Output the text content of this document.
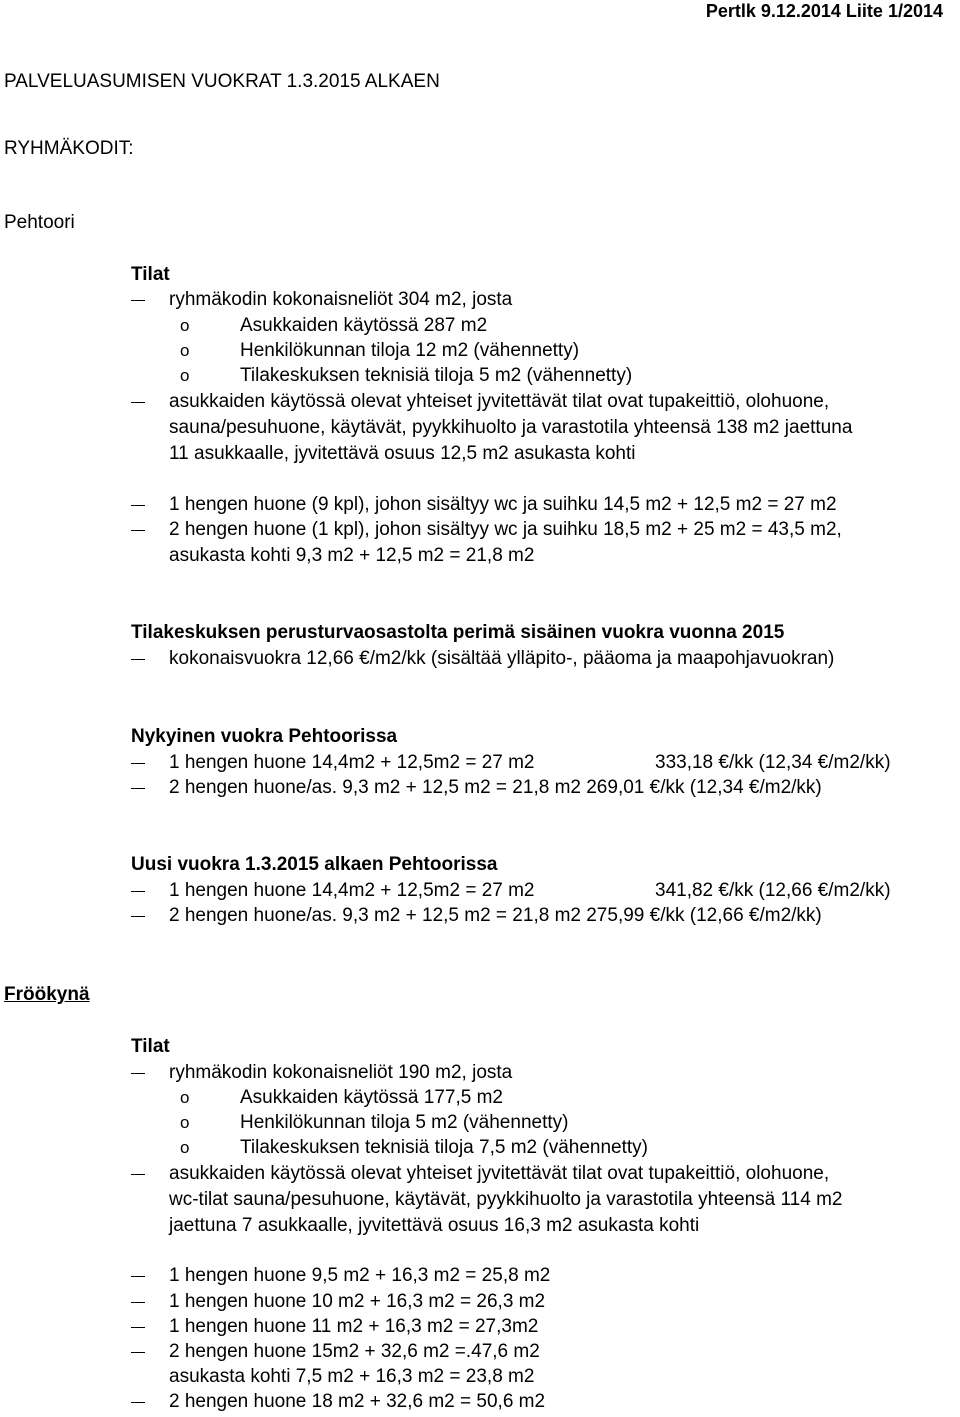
Pertlk 9.12.2014 Liite 1/2014
PALVELUASUMISEN VUOKRAT 1.3.2015 ALKAEN
RYHMÄKODIT:
Pehtoori
Tilat
ryhmäkodin kokonaisneliöt 304 m2, josta
o	Asukkaiden käytössä 287 m2
o	Henkilökunnan tiloja 12 m2 (vähennetty)
o	Tilakeskuksen teknisiä tiloja 5 m2 (vähennetty)
asukkaiden käytössä olevat yhteiset jyvitettävät tilat ovat tupakeittiö, olohuone,
sauna/pesuhuone, käytävät, pyykkihuolto ja varastotila yhteensä 138 m2 jaettuna
11 asukkaalle, jyvitettävä osuus 12,5 m2 asukasta kohti
1 hengen huone (9 kpl), johon sisältyy wc ja suihku 14,5 m2 + 12,5 m2 = 27 m2
2 hengen huone (1 kpl), johon sisältyy wc ja suihku 18,5 m2 + 25 m2 = 43,5 m2,
asukasta kohti 9,3 m2 + 12,5 m2 = 21,8 m2
Tilakeskuksen perusturvaosastolta perimä sisäinen vuokra vuonna 2015
kokonaisvuokra 12,66 €/m2/kk (sisältää ylläpito-, pääoma ja maapohjavuokran)
Nykyinen vuokra Pehtoorissa
1 hengen huone 14,4m2 + 12,5m2 = 27 m2	333,18 €/kk (12,34 €/m2/kk)
2 hengen huone/as. 9,3 m2 + 12,5 m2 = 21,8 m2 269,01 €/kk (12,34 €/m2/kk)
Uusi vuokra 1.3.2015 alkaen Pehtoorissa
1 hengen huone 14,4m2 + 12,5m2 = 27 m2	341,82 €/kk (12,66 €/m2/kk)
2 hengen huone/as. 9,3 m2 + 12,5 m2 = 21,8 m2 275,99 €/kk (12,66 €/m2/kk)
Fröökynä
Tilat
ryhmäkodin kokonaisneliöt 190 m2, josta
o	Asukkaiden käytössä 177,5 m2
o	Henkilökunnan tiloja 5 m2 (vähennetty)
o	Tilakeskuksen teknisiä tiloja 7,5 m2 (vähennetty)
asukkaiden käytössä olevat yhteiset jyvitettävät tilat ovat tupakeittiö, olohuone,
wc-tilat sauna/pesuhuone, käytävät, pyykkihuolto ja varastotila yhteensä 114 m2
jaettuna 7 asukkaalle, jyvitettävä osuus 16,3 m2 asukasta kohti
1 hengen huone 9,5 m2 + 16,3 m2 = 25,8 m2
1 hengen huone 10 m2 + 16,3 m2 = 26,3 m2
1 hengen huone 11 m2 + 16,3 m2 = 27,3m2
2 hengen huone 15m2 + 32,6 m2 =.47,6 m2
asukasta kohti 7,5 m2 + 16,3 m2 = 23,8 m2
2 hengen huone 18 m2 + 32,6 m2 = 50,6 m2
